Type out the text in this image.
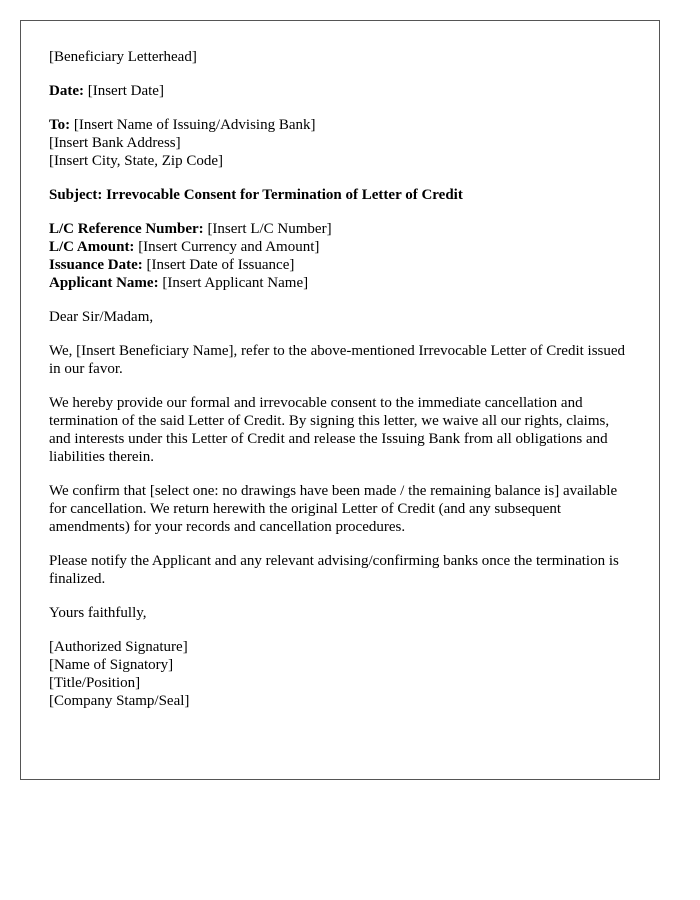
[Beneficiary Letterhead]

Date: [Insert Date]

To: [Insert Name of Issuing/Advising Bank]
[Insert Bank Address]
[Insert City, State, Zip Code]

Subject: Irrevocable Consent for Termination of Letter of Credit

L/C Reference Number: [Insert L/C Number]
L/C Amount: [Insert Currency and Amount]
Issuance Date: [Insert Date of Issuance]
Applicant Name: [Insert Applicant Name]

Dear Sir/Madam,

We, [Insert Beneficiary Name], refer to the above-mentioned Irrevocable Letter of Credit issued in our favor.

We hereby provide our formal and irrevocable consent to the immediate cancellation and termination of the said Letter of Credit. By signing this letter, we waive all our rights, claims, and interests under this Letter of Credit and release the Issuing Bank from all obligations and liabilities therein.

We confirm that [select one: no drawings have been made / the remaining balance is] available for cancellation. We return herewith the original Letter of Credit (and any subsequent amendments) for your records and cancellation procedures.

Please notify the Applicant and any relevant advising/confirming banks once the termination is finalized.

Yours faithfully,

[Authorized Signature]
[Name of Signatory]
[Title/Position]
[Company Stamp/Seal]
